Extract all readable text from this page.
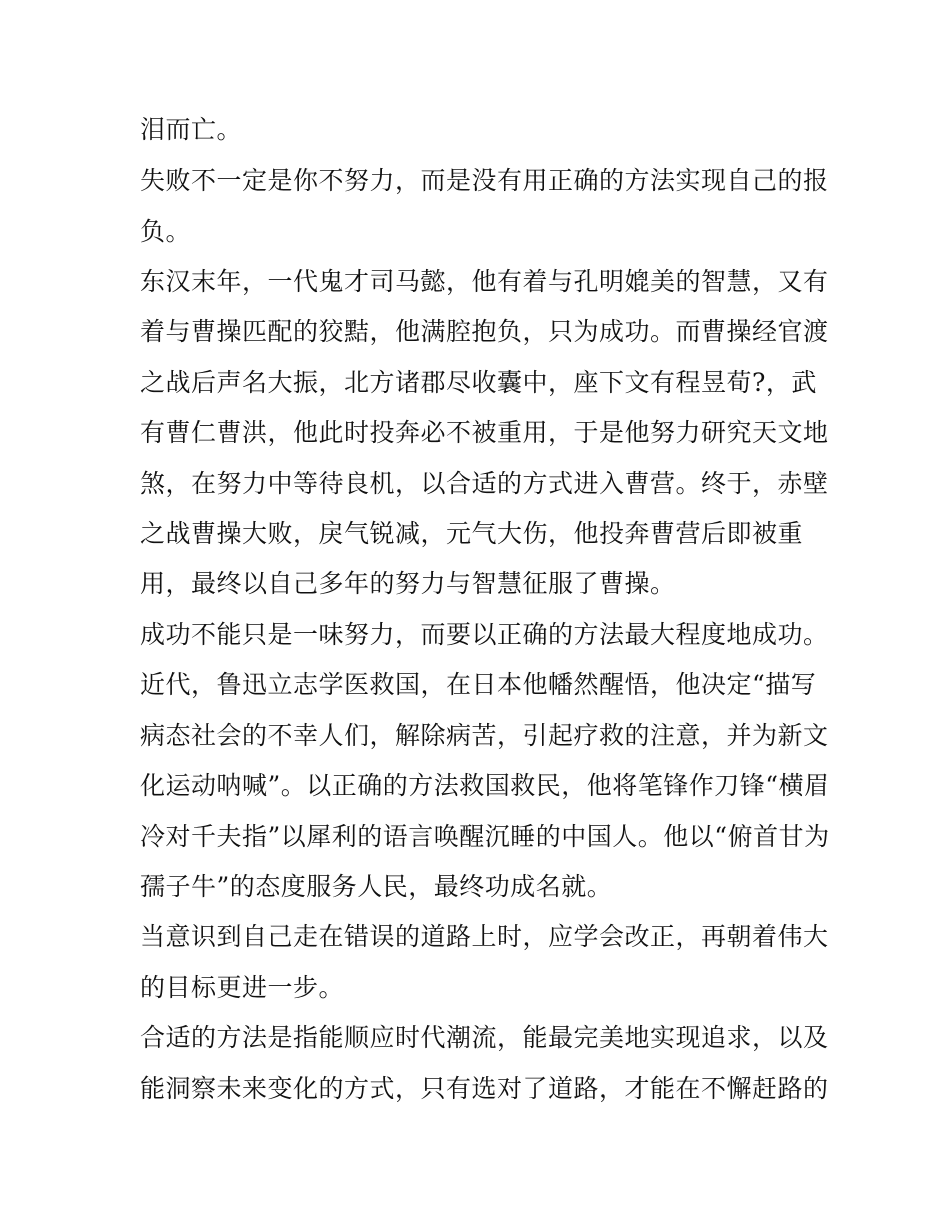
泪而亡。
失败不一定是你不努力，而是没有用正确的方法实现自己的报
负。
东汉末年，一代鬼才司马懿，他有着与孔明媲美的智慧，又有
着与曹操匹配的狡黠，他满腔抱负，只为成功。而曹操经官渡
之战后声名大振，北方诸郡尽收囊中，座下文有程昱荀?，武
有曹仁曹洪，他此时投奔必不被重用，于是他努力研究天文地
煞，在努力中等待良机，以合适的方式进入曹营。终于，赤壁
之战曹操大败，戾气锐减，元气大伤，他投奔曹营后即被重
用，最终以自己多年的努力与智慧征服了曹操。
成功不能只是一味努力，而要以正确的方法最大程度地成功。
近代，鲁迅立志学医救国，在日本他幡然醒悟，他决定“描写
病态社会的不幸人们，解除病苦，引起疗救的注意，并为新文
化运动呐喊”。以正确的方法救国救民，他将笔锋作刀锋“横眉
冷对千夫指”以犀利的语言唤醒沉睡的中国人。他以“俯首甘为
孺子牛”的态度服务人民，最终功成名就。
当意识到自己走在错误的道路上时，应学会改正，再朝着伟大
的目标更进一步。
合适的方法是指能顺应时代潮流，能最完美地实现追求，以及
能洞察未来变化的方式，只有选对了道路，才能在不懈赶路的
